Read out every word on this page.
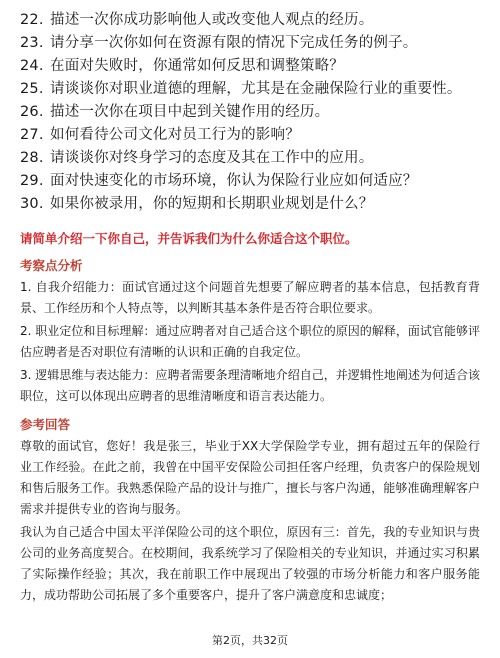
22. 描述一次你成功影响他人或改变他人观点的经历。
23. 请分享一次你如何在资源有限的情况下完成任务的例子。
24. 在面对失败时，你通常如何反思和调整策略？
25. 请谈谈你对职业道德的理解，尤其是在金融保险行业的重要性。
26. 描述一次你在项目中起到关键作用的经历。
27. 如何看待公司文化对员工行为的影响？
28. 请谈谈你对终身学习的态度及其在工作中的应用。
29. 面对快速变化的市场环境，你认为保险行业应如何适应？
30. 如果你被录用，你的短期和长期职业规划是什么？
请简单介绍一下你自己，并告诉我们为什么你适合这个职位。
考察点分析

1. 自我介绍能力：面试官通过这个问题首先想要了解应聘者的基本信息，包括教育背景、工作经历和个人特点等，以判断其基本条件是否符合职位要求。

2. 职业定位和目标理解：通过应聘者对自己适合这个职位的原因的解释，面试官能够评估应聘者是否对职位有清晰的认识和正确的自我定位。

3. 逻辑思维与表达能力：应聘者需要条理清晰地介绍自己，并逻辑性地阐述为何适合该职位，这可以体现出应聘者的思维清晰度和语言表达能力。

参考回答

尊敬的面试官，您好！我是张三，毕业于XX大学保险学专业，拥有超过五年的保险行业工作经验。在此之前，我曾在中国平安保险公司担任客户经理，负责客户的保险规划和售后服务工作。我熟悉保险产品的设计与推广，擅长与客户沟通，能够准确理解客户需求并提供专业的咨询与服务。

我认为自己适合中国太平洋保险公司的这个职位，原因有三：首先，我的专业知识与贵公司的业务高度契合。在校期间，我系统学习了保险相关的专业知识，并通过实习积累了实际操作经验；其次，我在前职工作中展现出了较强的市场分析能力和客户服务能力，成功帮助公司拓展了多个重要客户，提升了客户满意度和忠诚度；

第2页，共32页
